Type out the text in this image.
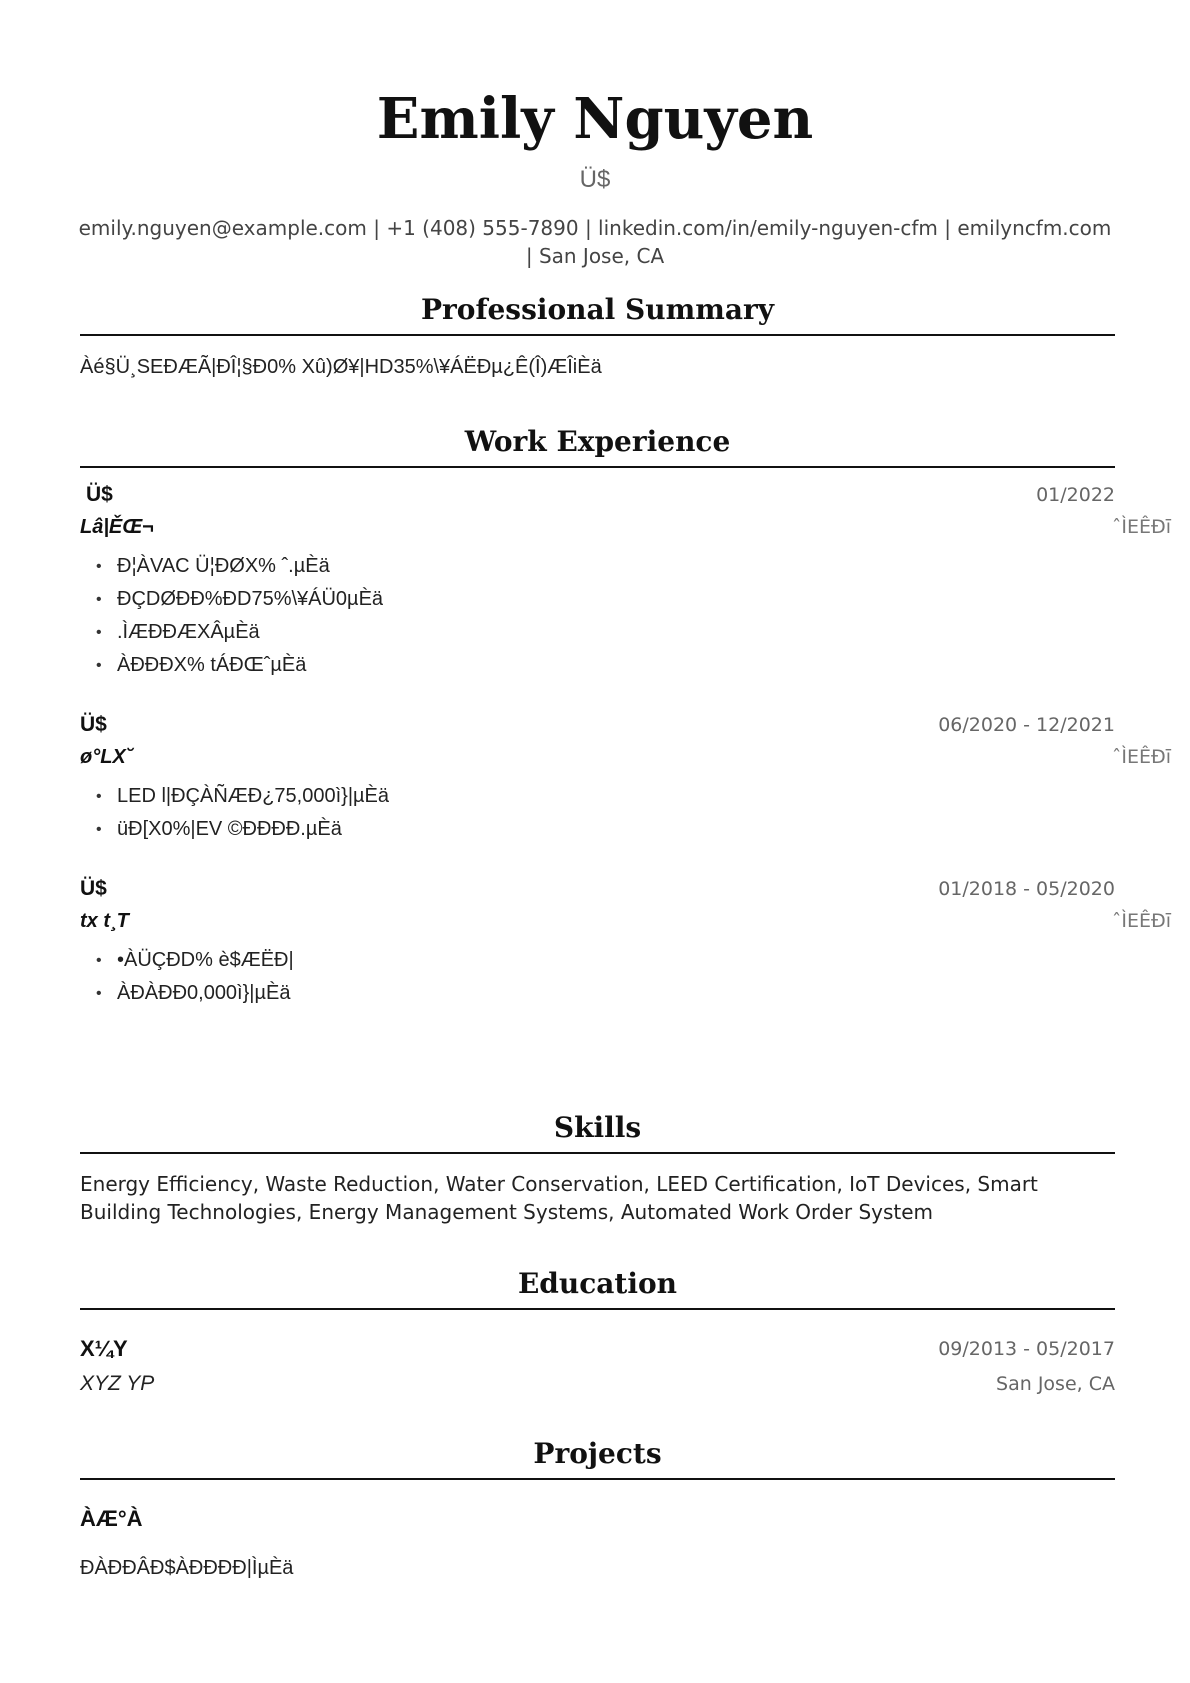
Emily Nguyen
Ü$
emily.nguyen@example.com | +1 (408) 555-7890 | linkedin.com/in/emily-nguyen-cfm | emilyncfm.com | San Jose, CA
Professional Summary
Àé§Ü¸SEÐÆÃ|ÐÎ¦§Ð0% Xû)Ø¥|HD35%\¥ÁËÐµ¿Ê(Î)ÆÎiÈä
Work Experience
Ü$	01/2022
Lâ|ĚŒ¬	ˆÌЕÊÐī
• Ð¦ÀVAC Ü¦ÐØX% ˆ.µÈä
• ÐÇDØÐÐ%ÐD75%\¥ÁÜ0µÈä
• .ÌÆÐÐÆXÂµÈä
• ÀÐÐÐX% tÁÐŒˆµÈä
Ü$	06/2020 - 12/2021
ø°LX˘	ˆÌЕÊÐī
• LED l|ÐÇÀÑÆÐ¿75,000ì}|µÈä
• üÐ[X0%|EV ©ÐÐÐÐ.µÈä
Ü$	01/2018 - 05/2020
tx t¸T	ˆÌЕÊÐī
• •ÀÜÇÐD% è$ÆËÐ|
• ÀÐÀÐÐ0,000ì}|µÈä
Skills
Energy Efficiency, Waste Reduction, Water Conservation, LEED Certification, IoT Devices, Smart Building Technologies, Energy Management Systems, Automated Work Order System
Education
X¼Y	09/2013 - 05/2017
XYZ YP	San Jose, CA
Projects
ÀÆ°À
ÐÀÐÐÂÐ$ÀÐÐÐÐ|ÌµÈä
